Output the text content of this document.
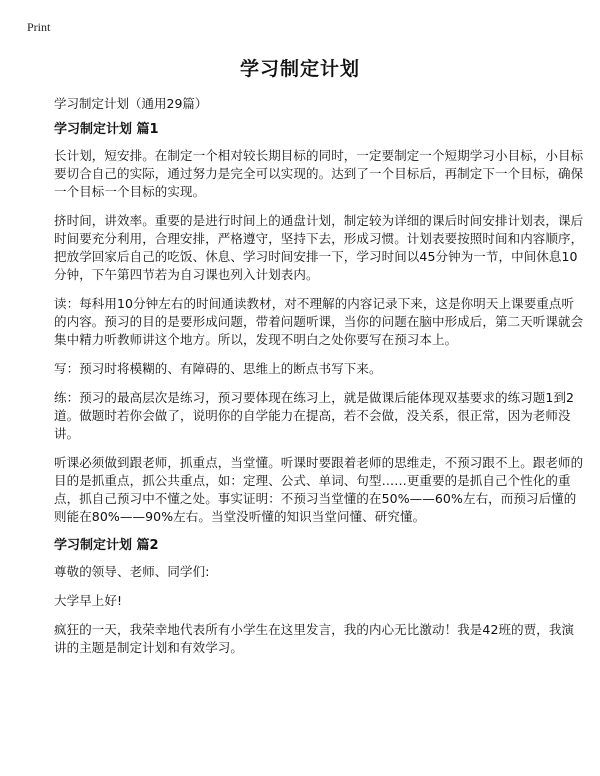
Print
学习制定计划
学习制定计划（通用29篇）
学习制定计划 篇1

长计划，短安排。在制定一个相对较长期目标的同时，一定要制定一个短期学习小目标，小目标要切合自己的实际，通过努力是完全可以实现的。达到了一个目标后，再制定下一个目标，确保一个目标一个目标的实现。

挤时间，讲效率。重要的是进行时间上的通盘计划，制定较为详细的课后时间安排计划表，课后时间要充分利用，合理安排，严格遵守，坚持下去，形成习惯。计划表要按照时间和内容顺序，把放学回家后自己的吃饭、休息、学习时间安排一下，学习时间以45分钟为一节，中间休息10分钟，下午第四节若为自习课也列入计划表内。

读：每科用10分钟左右的时间通读教材，对不理解的内容记录下来，这是你明天上课要重点听的内容。预习的目的是要形成问题，带着问题听课，当你的问题在脑中形成后，第二天听课就会集中精力听教师讲这个地方。所以，发现不明白之处你要写在预习本上。

写：预习时将模糊的、有障碍的、思维上的断点书写下来。

练：预习的最高层次是练习，预习要体现在练习上，就是做课后能体现双基要求的练习题1到2道。做题时若你会做了，说明你的自学能力在提高，若不会做，没关系，很正常，因为老师没讲。

听课必须做到跟老师，抓重点，当堂懂。听课时要跟着老师的思维走，不预习跟不上。跟老师的目的是抓重点，抓公共重点，如：定理、公式、单词、句型……更重要的是抓自己个性化的重点，抓自己预习中不懂之处。事实证明：不预习当堂懂的在50%——60%左右，而预习后懂的则能在80%——90%左右。当堂没听懂的知识当堂问懂、研究懂。

学习制定计划 篇2

尊敬的领导、老师、同学们:

大学早上好!

疯狂的一天，我荣幸地代表所有小学生在这里发言，我的内心无比激动！我是42班的贾，我演讲的主题是制定计划和有效学习。
